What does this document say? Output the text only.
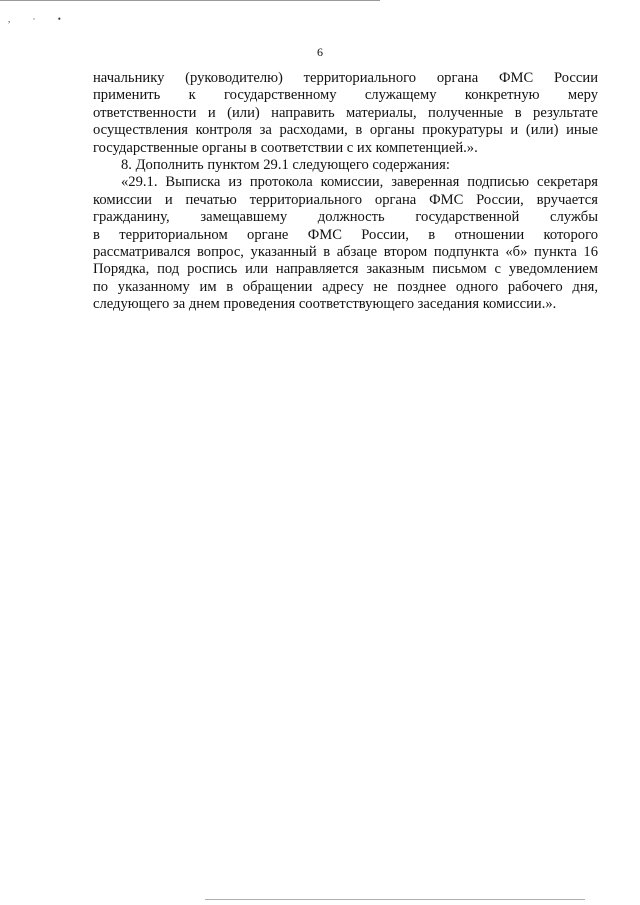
, · •
6
начальнику (руководителю) территориального органа ФМС России
применить к государственному служащему конкретную меру
ответственности и (или) направить материалы, полученные в результате
осуществления контроля за расходами, в органы прокуратуры и (или) иные
государственные органы в соответствии с их компетенцией.».
8. Дополнить пунктом 29.1 следующего содержания:
«29.1. Выписка из протокола комиссии, заверенная подписью секретаря
комиссии и печатью территориального органа ФМС России, вручается
гражданину, замещавшему должность государственной службы
в территориальном органе ФМС России, в отношении которого
рассматривался вопрос, указанный в абзаце втором подпункта «б» пункта 16
Порядка, под роспись или направляется заказным письмом с уведомлением
по указанному им в обращении адресу не позднее одного рабочего дня,
следующего за днем проведения соответствующего заседания комиссии.».
